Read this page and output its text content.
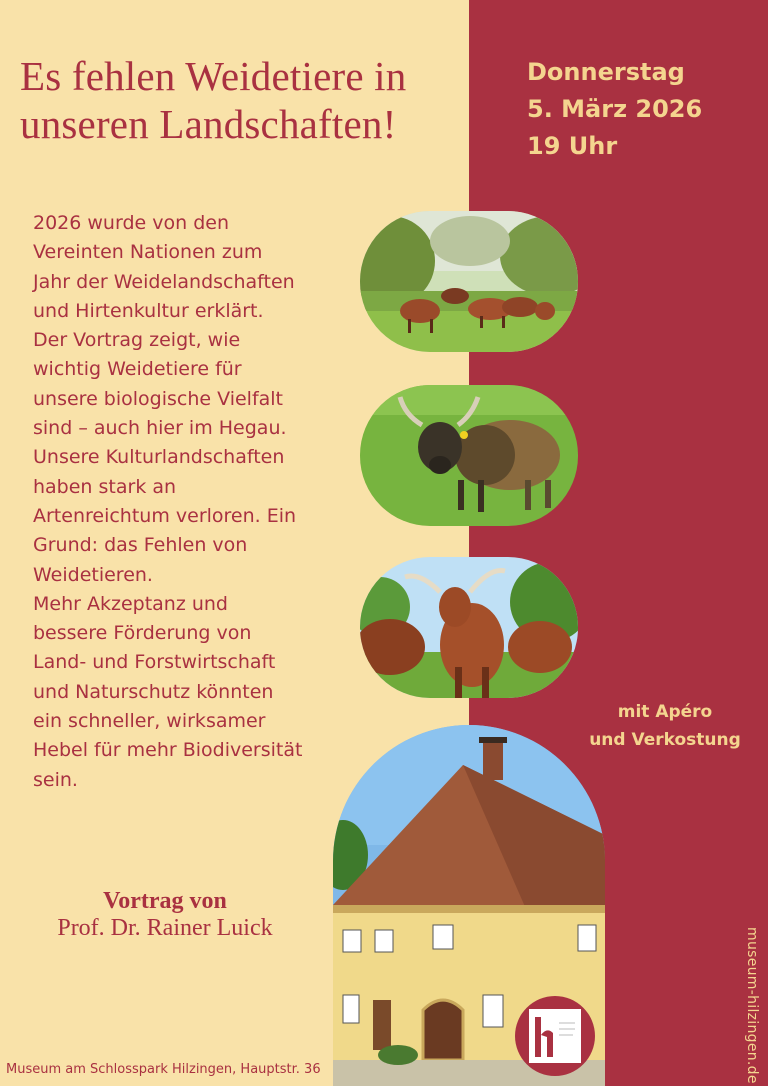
Es fehlen Weidetiere in
unseren Landschaften!
Donnerstag
5. März 2026
19 Uhr
2026 wurde von den
Vereinten Nationen zum
Jahr der Weidelandschaften
und Hirtenkultur erklärt.
Der Vortrag zeigt, wie
wichtig Weidetiere für
unsere biologische Vielfalt
sind – auch hier im Hegau.
Unsere Kulturlandschaften
haben stark an
Artenreichtum verloren. Ein
Grund: das Fehlen von
Weidetieren.
Mehr Akzeptanz und
bessere Förderung von
Land- und Forstwirtschaft
und Naturschutz könnten
ein schneller, wirksamer
Hebel für mehr Biodiversität
sein.
mit Apéro
und Verkostung
Vortrag von
Prof. Dr. Rainer Luick
Museum am Schlosspark Hilzingen, Hauptstr. 36	museum-hilzingen.de
